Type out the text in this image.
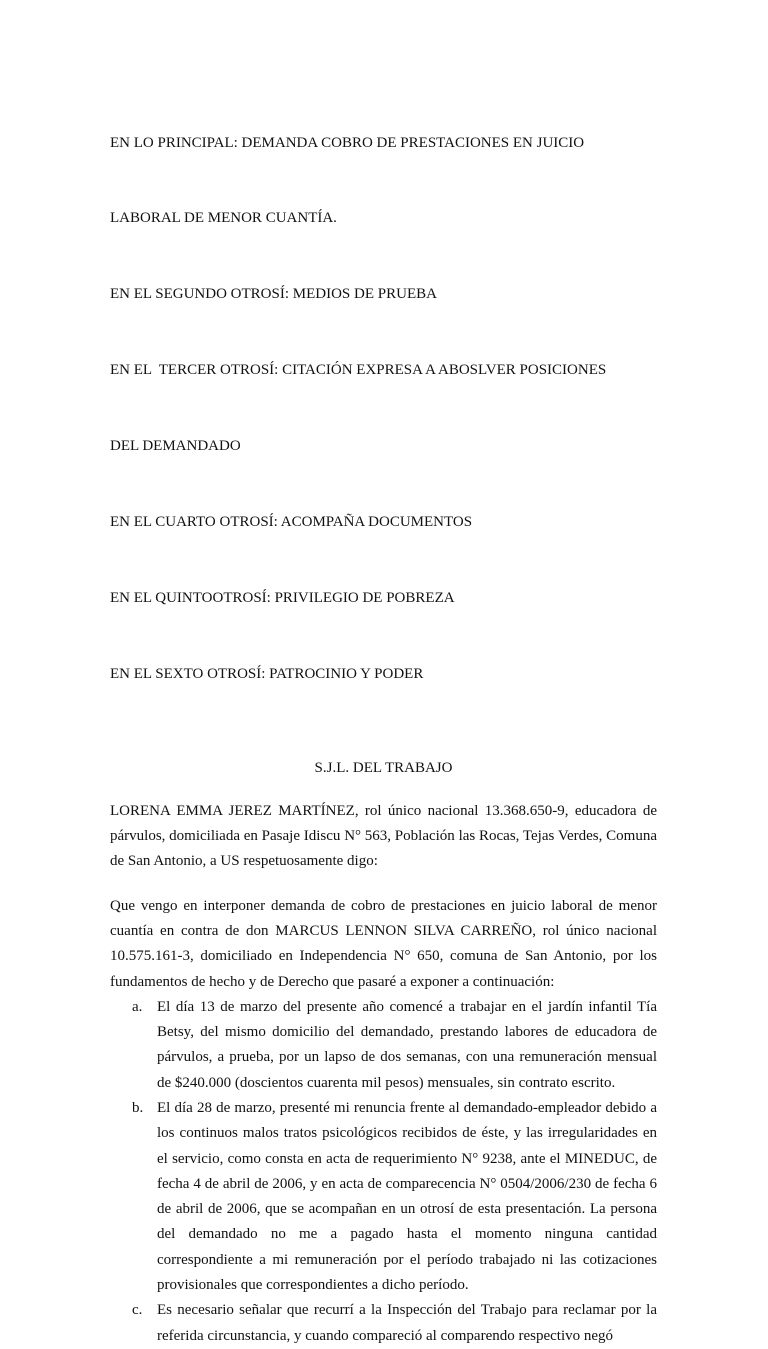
EN LO PRINCIPAL: DEMANDA COBRO DE PRESTACIONES EN JUICIO

LABORAL DE MENOR CUANTÍA.

EN EL SEGUNDO OTROSÍ: MEDIOS DE PRUEBA

EN EL  TERCER OTROSÍ: CITACIÓN EXPRESA A ABOSLVER POSICIONES

DEL DEMANDADO

EN EL CUARTO OTROSÍ: ACOMPAÑA DOCUMENTOS

EN EL QUINTOOTROSÍ: PRIVILEGIO DE POBREZA

EN EL SEXTO OTROSÍ: PATROCINIO Y PODER

S.J.L. DEL TRABAJO

LORENA EMMA JEREZ MARTÍNEZ, rol único nacional 13.368.650-9, educadora de párvulos, domiciliada en Pasaje Idiscu N° 563, Población las Rocas, Tejas Verdes, Comuna de San Antonio, a US respetuosamente digo:

Que vengo en interponer demanda de cobro de prestaciones en juicio laboral de menor cuantía en contra de don MARCUS LENNON SILVA CARREÑO, rol único nacional 10.575.161-3, domiciliado en Independencia N° 650, comuna de San Antonio, por los fundamentos de hecho y de Derecho que pasaré a exponer a continuación:

a. El día 13 de marzo del presente año comencé a trabajar en el jardín infantil Tía Betsy, del mismo domicilio del demandado, prestando labores de educadora de párvulos, a prueba, por un lapso de dos semanas, con una remuneración mensual de $240.000 (doscientos cuarenta mil pesos) mensuales, sin contrato escrito.
b. El día 28 de marzo, presenté mi renuncia frente al demandado-empleador debido a los continuos malos tratos psicológicos recibidos de éste, y las irregularidades en el servicio, como consta en acta de requerimiento N° 9238, ante el MINEDUC, de fecha 4 de abril de 2006, y en acta de comparecencia N° 0504/2006/230 de fecha 6 de abril de 2006, que se acompañan en un otrosí de esta presentación. La persona del demandado no me a pagado hasta el momento ninguna cantidad correspondiente a mi remuneración por el período trabajado ni las cotizaciones provisionales que correspondientes a dicho período.
c. Es necesario señalar que recurrí a la Inspección del Trabajo para reclamar por la referida circunstancia, y cuando compareció al comparendo respectivo negó
